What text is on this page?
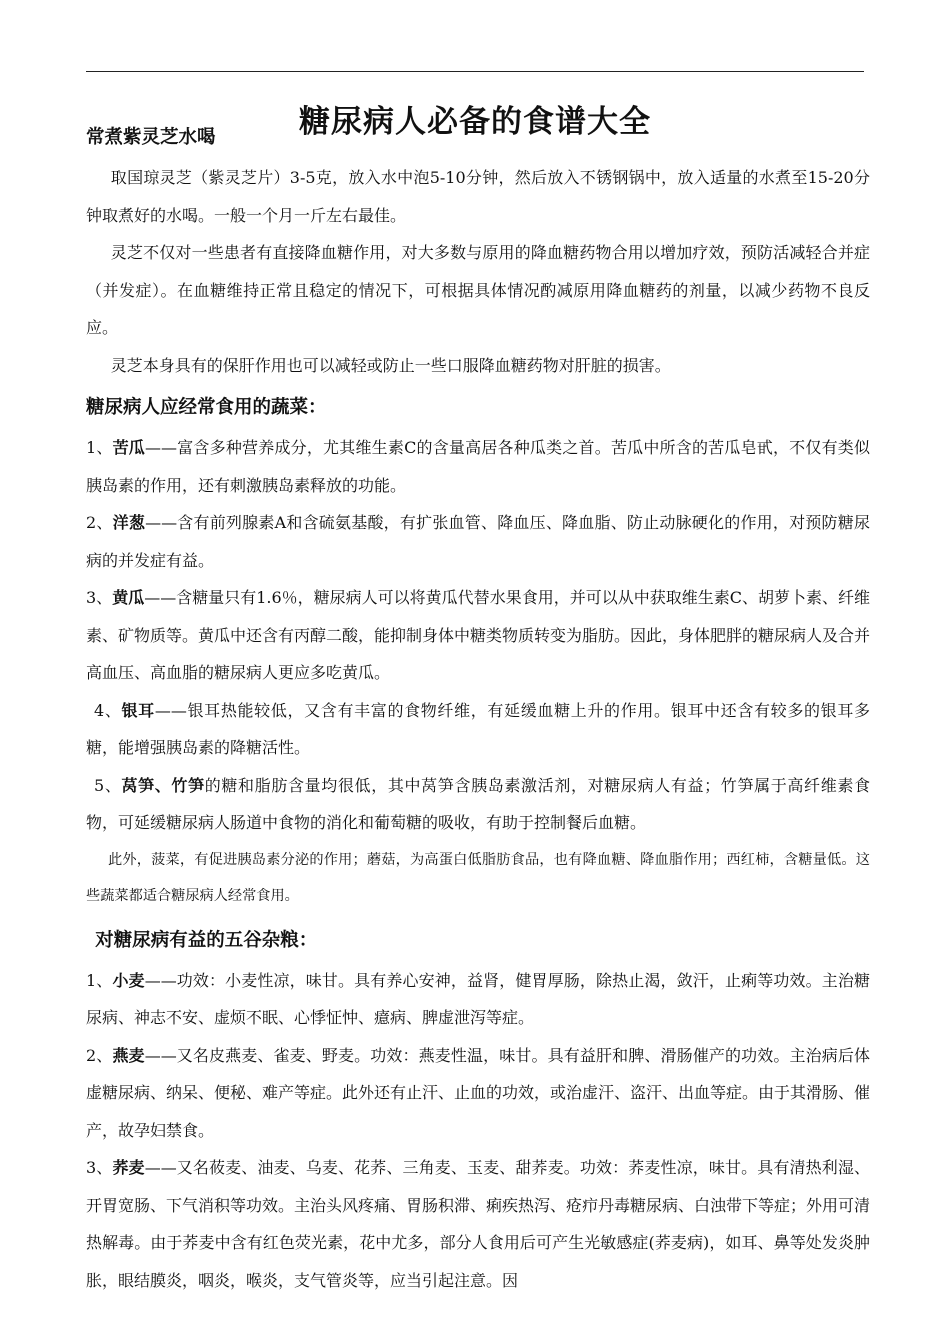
糖尿病人必备的食谱大全
常煮紫灵芝水喝

取国琼灵芝（紫灵芝片）3-5克，放入水中泡5-10分钟，然后放入不锈钢锅中，放入适量的水煮至15-20分钟取煮好的水喝。一般一个月一斤左右最佳。

灵芝不仅对一些患者有直接降血糖作用，对大多数与原用的降血糖药物合用以增加疗效，预防活减轻合并症（并发症）。在血糖维持正常且稳定的情况下，可根据具体情况酌减原用降血糖药的剂量，以减少药物不良反应。

灵芝本身具有的保肝作用也可以减轻或防止一些口服降血糖药物对肝脏的损害。

糖尿病人应经常食用的蔬菜：

1、苦瓜——富含多种营养成分，尤其维生素C的含量高居各种瓜类之首。苦瓜中所含的苦瓜皂甙，不仅有类似胰岛素的作用，还有刺激胰岛素释放的功能。

2、洋葱——含有前列腺素A和含硫氨基酸，有扩张血管、降血压、降血脂、防止动脉硬化的作用，对预防糖尿病的并发症有益。

3、黄瓜——含糖量只有1.6％，糖尿病人可以将黄瓜代替水果食用，并可以从中获取维生素C、胡萝卜素、纤维素、矿物质等。黄瓜中还含有丙醇二酸，能抑制身体中糖类物质转变为脂肪。因此，身体肥胖的糖尿病人及合并高血压、高血脂的糖尿病人更应多吃黄瓜。

4、银耳——银耳热能较低，又含有丰富的食物纤维，有延缓血糖上升的作用。银耳中还含有较多的银耳多糖，能增强胰岛素的降糖活性。

5、莴笋、竹笋的糖和脂肪含量均很低，其中莴笋含胰岛素激活剂，对糖尿病人有益；竹笋属于高纤维素食物，可延缓糖尿病人肠道中食物的消化和葡萄糖的吸收，有助于控制餐后血糖。

此外，菠菜，有促进胰岛素分泌的作用；蘑菇，为高蛋白低脂肪食品，也有降血糖、降血脂作用；西红柿，含糖量低。这些蔬菜都适合糖尿病人经常食用。

对糖尿病有益的五谷杂粮：

1、小麦——功效：小麦性凉，味甘。具有养心安神，益肾，健胃厚肠，除热止渴，敛汗，止痢等功效。主治糖尿病、神志不安、虚烦不眠、心悸怔忡、癔病、脾虚泄泻等症。

2、燕麦——又名皮燕麦、雀麦、野麦。功效：燕麦性温，味甘。具有益肝和脾、滑肠催产的功效。主治病后体虚糖尿病、纳呆、便秘、难产等症。此外还有止汗、止血的功效，或治虚汗、盗汗、出血等症。由于其滑肠、催产，故孕妇禁食。

3、荞麦——又名莜麦、油麦、乌麦、花荞、三角麦、玉麦、甜荞麦。功效：荞麦性凉，味甘。具有清热利湿、开胃宽肠、下气消积等功效。主治头风疼痛、胃肠积滞、痢疾热泻、疮疖丹毒糖尿病、白浊带下等症；外用可清热解毒。由于荞麦中含有红色荧光素，花中尤多，部分人食用后可产生光敏感症(荞麦病)，如耳、鼻等处发炎肿胀，眼结膜炎，咽炎，喉炎，支气管炎等，应当引起注意。因
